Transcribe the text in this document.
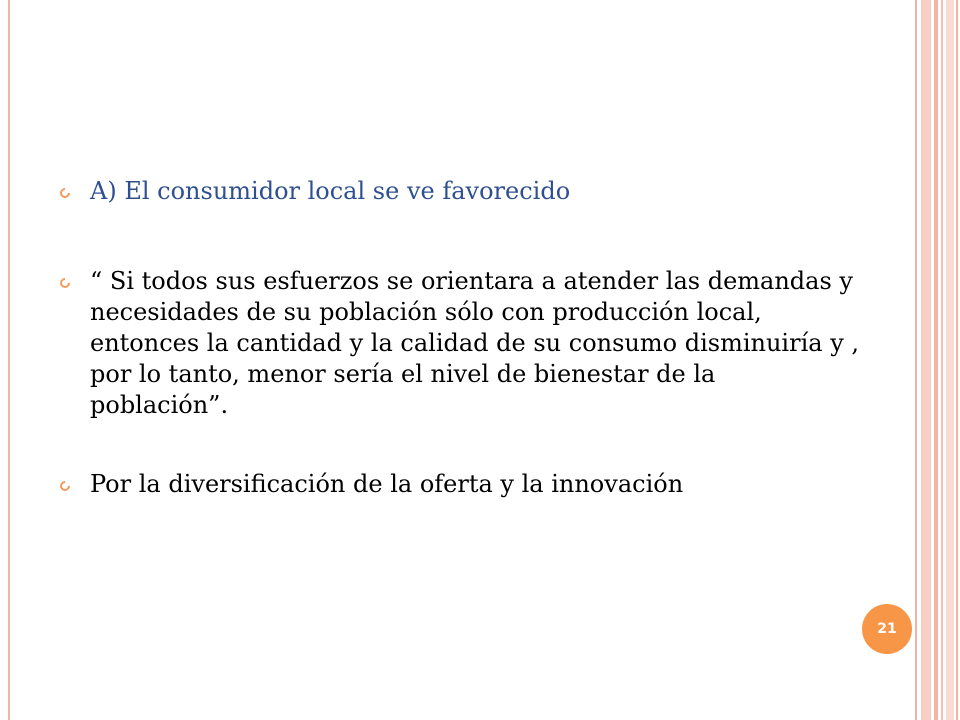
A) El consumidor local se ve favorecido
“ Si todos sus esfuerzos se orientara a atender las demandas y necesidades de su población sólo con producción local, entonces la cantidad y la calidad de su consumo disminuiría y , por lo tanto, menor sería el nivel de bienestar de la población”.
Por la diversificación de la oferta y la innovación
21
